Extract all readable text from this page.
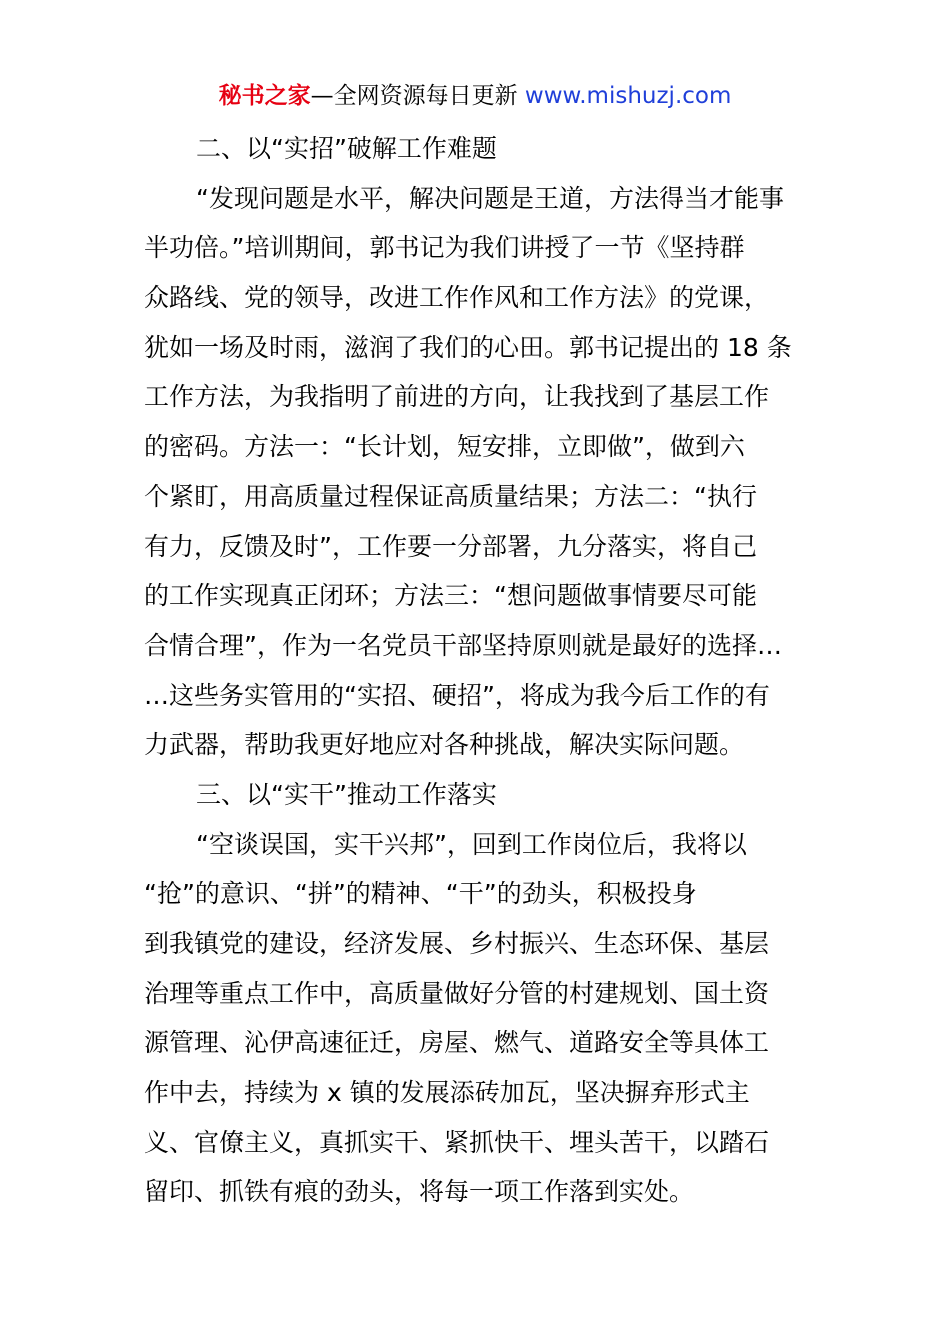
秘书之家—全网资源每日更新 www.mishuzj.com
二、以“实招”破解工作难题
“发现问题是水平，解决问题是王道，方法得当才能事
半功倍。”培训期间，郭书记为我们讲授了一节《坚持群
众路线、党的领导，改进工作作风和工作方法》的党课，
犹如一场及时雨，滋润了我们的心田。郭书记提出的 18 条
工作方法，为我指明了前进的方向，让我找到了基层工作
的密码。方法一：“长计划，短安排，立即做”，做到六
个紧盯，用高质量过程保证高质量结果；方法二：“执行
有力，反馈及时”，工作要一分部署，九分落实，将自己
的工作实现真正闭环；方法三：“想问题做事情要尽可能
合情合理”，作为一名党员干部坚持原则就是最好的选择…
…这些务实管用的“实招、硬招”，将成为我今后工作的有
力武器，帮助我更好地应对各种挑战，解决实际问题。
三、以“实干”推动工作落实
“空谈误国，实干兴邦”，回到工作岗位后，我将以
“抢”的意识、“拼”的精神、“干”的劲头，积极投身
到我镇党的建设，经济发展、乡村振兴、生态环保、基层
治理等重点工作中，高质量做好分管的村建规划、国土资
源管理、沁伊高速征迁，房屋、燃气、道路安全等具体工
作中去，持续为 x 镇的发展添砖加瓦，坚决摒弃形式主
义、官僚主义，真抓实干、紧抓快干、埋头苦干，以踏石
留印、抓铁有痕的劲头，将每一项工作落到实处。
